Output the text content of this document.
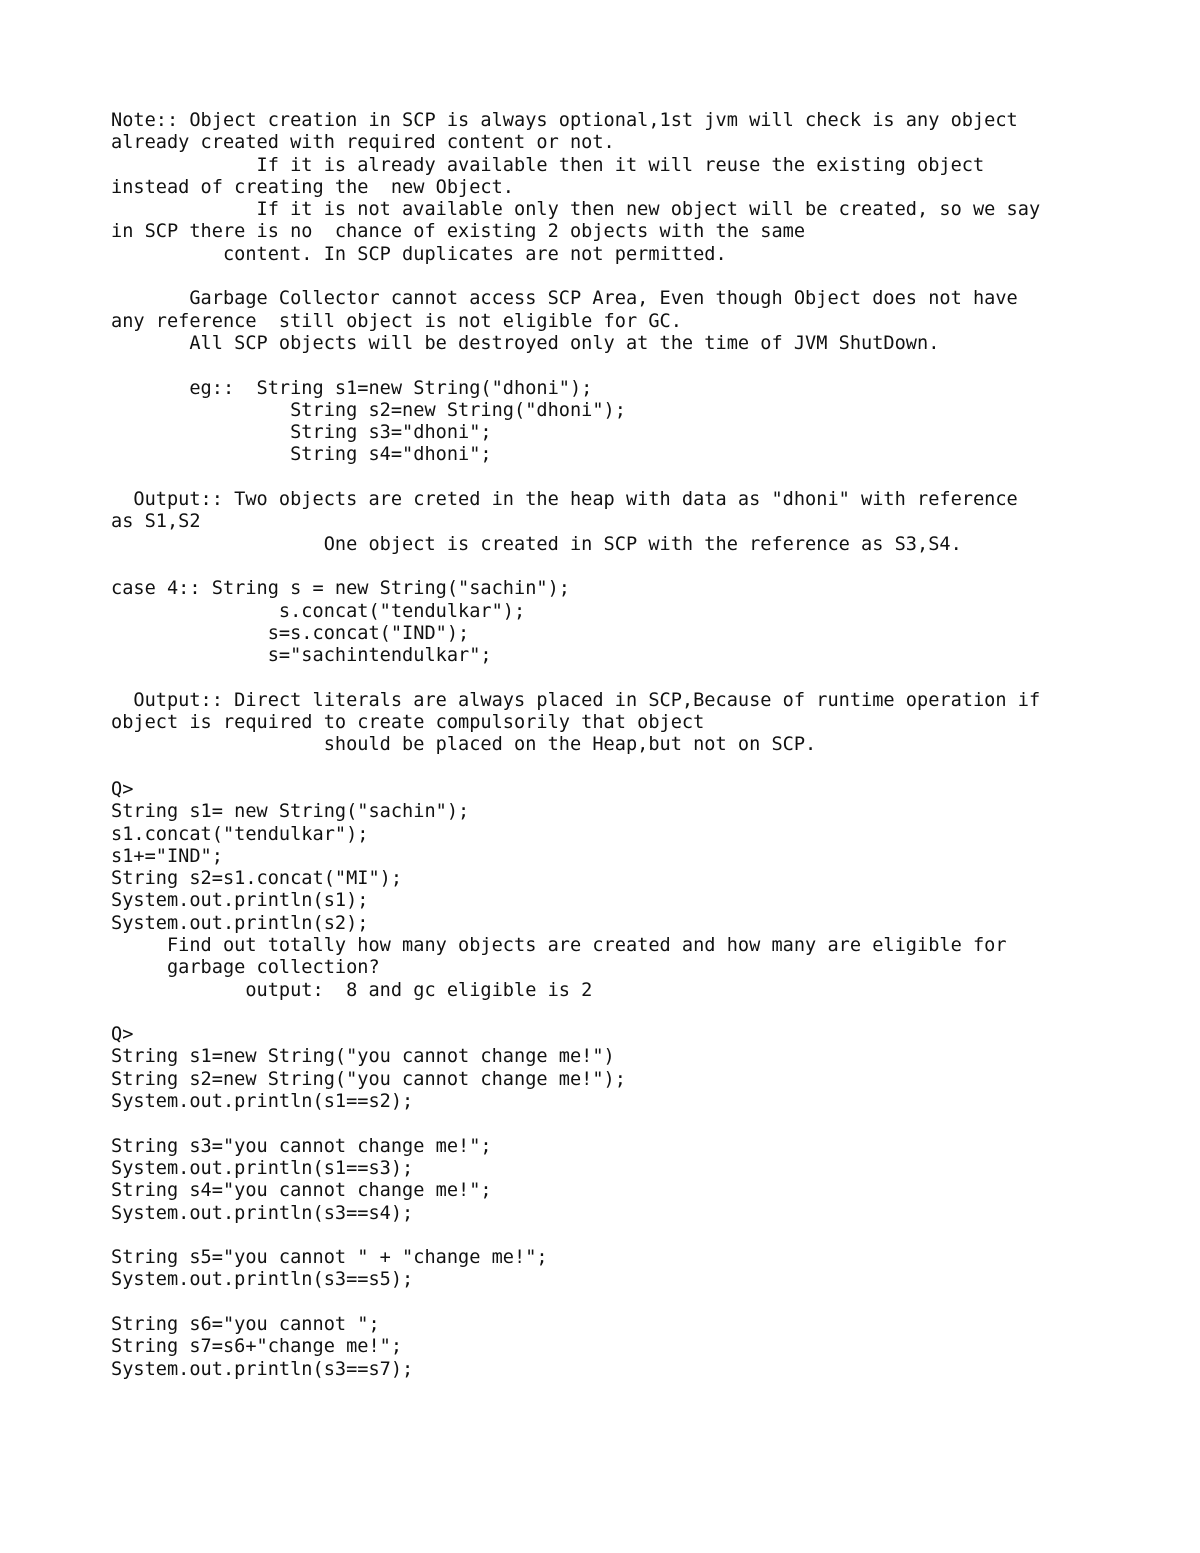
Note:: Object creation in SCP is always optional,1st jvm will check is any object
already created with required content or not.
If it is already available then it will reuse the existing object
instead of creating the  new Object.
If it is not available only then new object will be created, so we say
in SCP there is no  chance of existing 2 objects with the same
content. In SCP duplicates are not permitted.
Garbage Collector cannot access SCP Area, Even though Object does not have
any reference  still object is not eligible for GC.
All SCP objects will be destroyed only at the time of JVM ShutDown.
eg::  String s1=new String("dhoni");
String s2=new String("dhoni");
String s3="dhoni";
String s4="dhoni";
Output:: Two objects are creted in the heap with data as "dhoni" with reference
as S1,S2
One object is created in SCP with the reference as S3,S4.
case 4:: String s = new String("sachin");
s.concat("tendulkar");
s=s.concat("IND");
s="sachintendulkar";
Output:: Direct literals are always placed in SCP,Because of runtime operation if
object is required to create compulsorily that object
should be placed on the Heap,but not on SCP.
Q>
String s1= new String("sachin");
s1.concat("tendulkar");
s1+="IND";
String s2=s1.concat("MI");
System.out.println(s1);
System.out.println(s2);
Find out totally how many objects are created and how many are eligible for
garbage collection?
output:  8 and gc eligible is 2
Q>
String s1=new String("you cannot change me!")
String s2=new String("you cannot change me!");
System.out.println(s1==s2);
String s3="you cannot change me!";
System.out.println(s1==s3);
String s4="you cannot change me!";
System.out.println(s3==s4);
String s5="you cannot " + "change me!";
System.out.println(s3==s5);
String s6="you cannot ";
String s7=s6+"change me!";
System.out.println(s3==s7);
